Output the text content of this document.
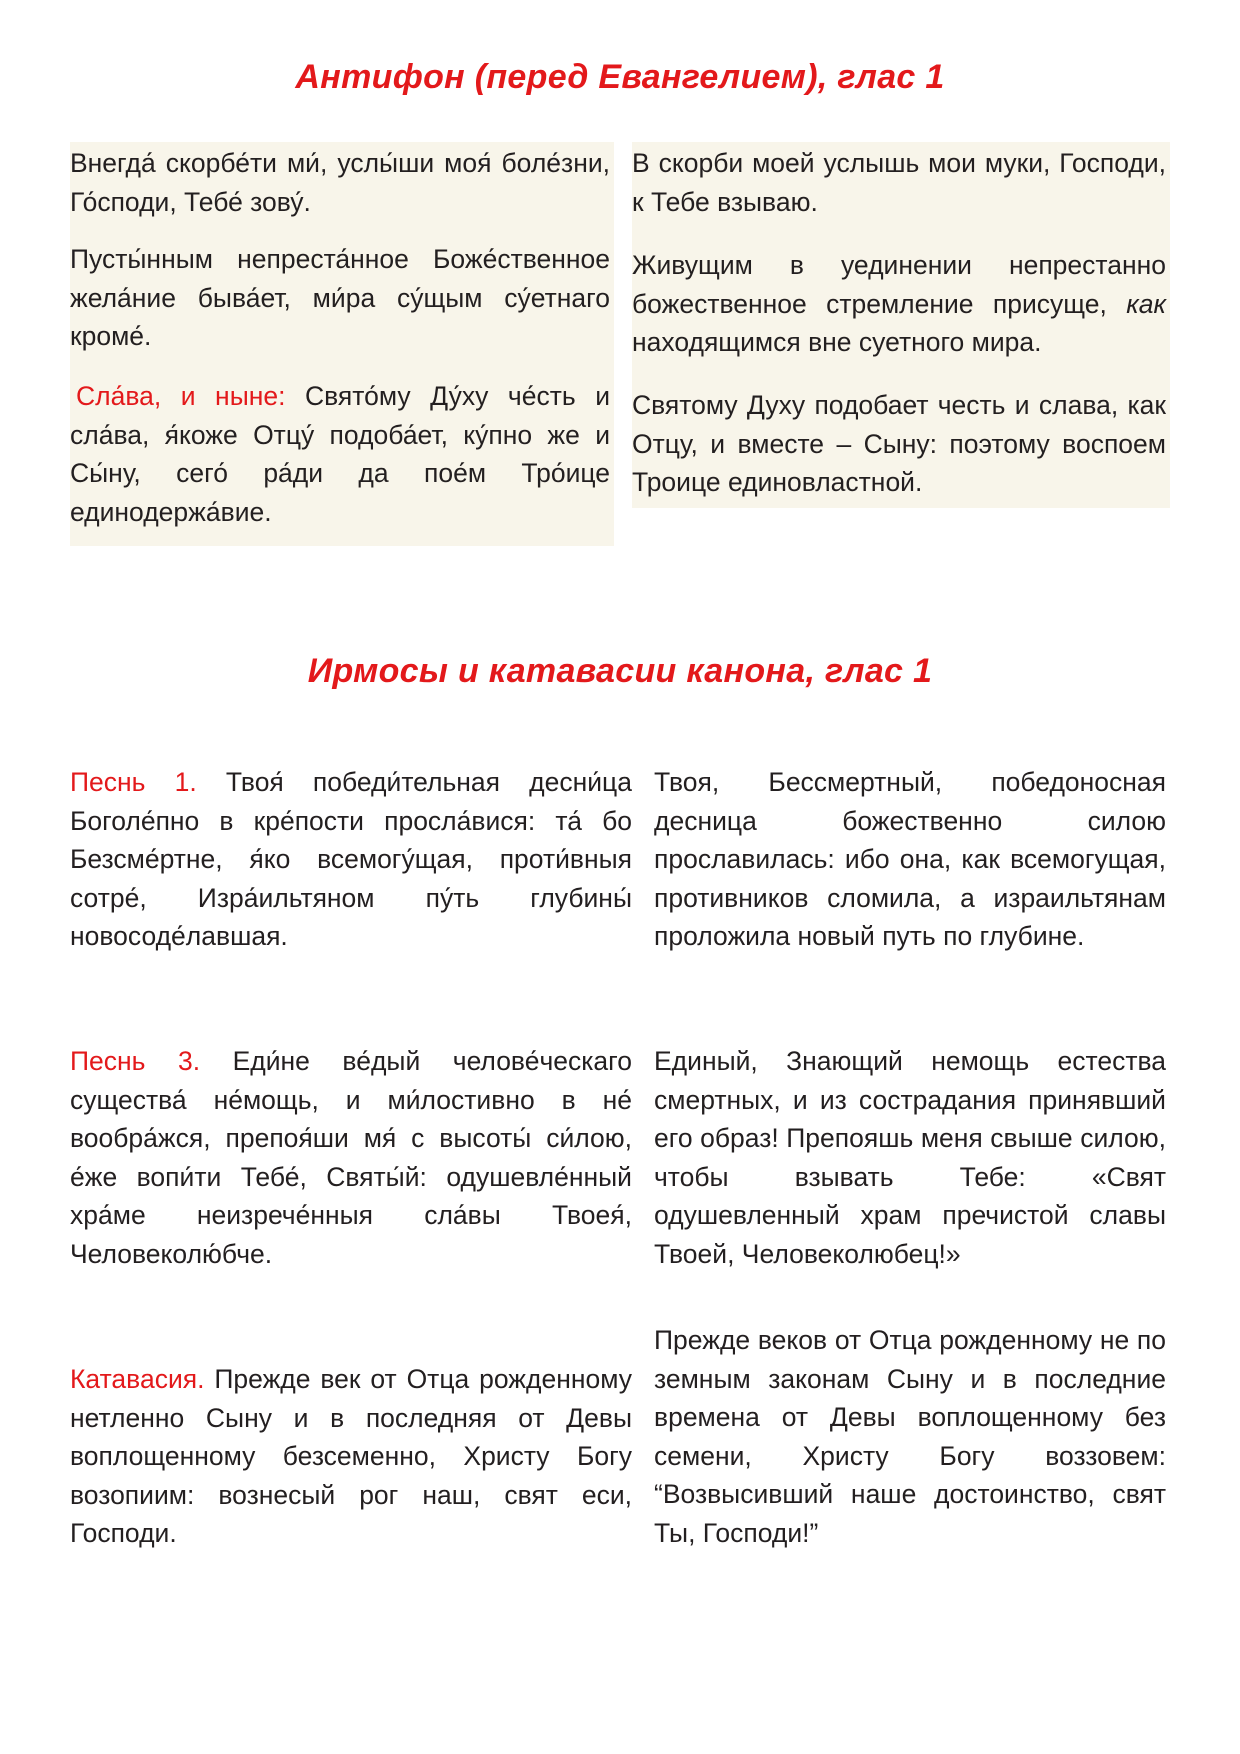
Антифон (перед Евангелием), глас 1

Внегда́ скорбе́ти ми́, услы́ши моя́ боле́зни, Го́споди, Тебе́ зову́.

Пусты́нным непреста́нное Боже́ственное жела́ние быва́ет, ми́ра су́щым су́етнаго кроме́.

Сла́ва, и ныне: Свято́му Ду́ху че́сть и сла́ва, я́коже Отцу́ подоба́ет, ку́пно же и Сы́ну, сего́ ра́ди да пое́м Тро́ице единодержа́вие.

В скорби моей услышь мои муки, Господи, к Тебе взываю.

Живущим в уединении непрестанно божественное стремление присуще, как находящимся вне суетного мира.

Святому Духу подобает честь и слава, как Отцу, и вместе – Сыну: поэтому воспоем Троице единовластной.

Ирмосы и катавасии канона, глас 1

Песнь 1. Твоя́ победи́тельная десни́ца Боголе́пно в кре́пости просла́вися: та́ бо Безсме́ртне, я́ко всемогу́щая, проти́вныя сотре́, Изра́ильтяном пу́ть глубины́ новосоде́лавшая.

Твоя, Бессмертный, победоносная десница божественно силою прославилась: ибо она, как всемогущая, противников сломила, а израильтянам проложила новый путь по глубине.

Песнь 3. Еди́не ве́дый челове́ческаго существа́ не́мощь, и ми́лостивно в не́ вообра́жся, препоя́ши мя́ с высоты́ си́лою, е́же вопи́ти Тебе́, Святы́й: одушевле́нный хра́ме неизрече́нныя сла́вы Твоея́, Человеколю́бче.

Единый, Знающий немощь естества смертных, и из сострадания принявший его образ! Препояшь меня свыше силою, чтобы взывать Тебе: «Свят одушевленный храм пречистой славы Твоей, Человеколюбец!»

Катавасия. Прежде век от Отца рожденному нетленно Сыну и в последняя от Девы воплощенному безсеменно, Христу Богу возопиим: вознесый рог наш, свят еси, Господи.

Прежде веков от Отца рожденному не по земным законам Сыну и в последние времена от Девы воплощенному без семени, Христу Богу воззовем: “Возвысивший наше достоинство, свят Ты, Господи!”
